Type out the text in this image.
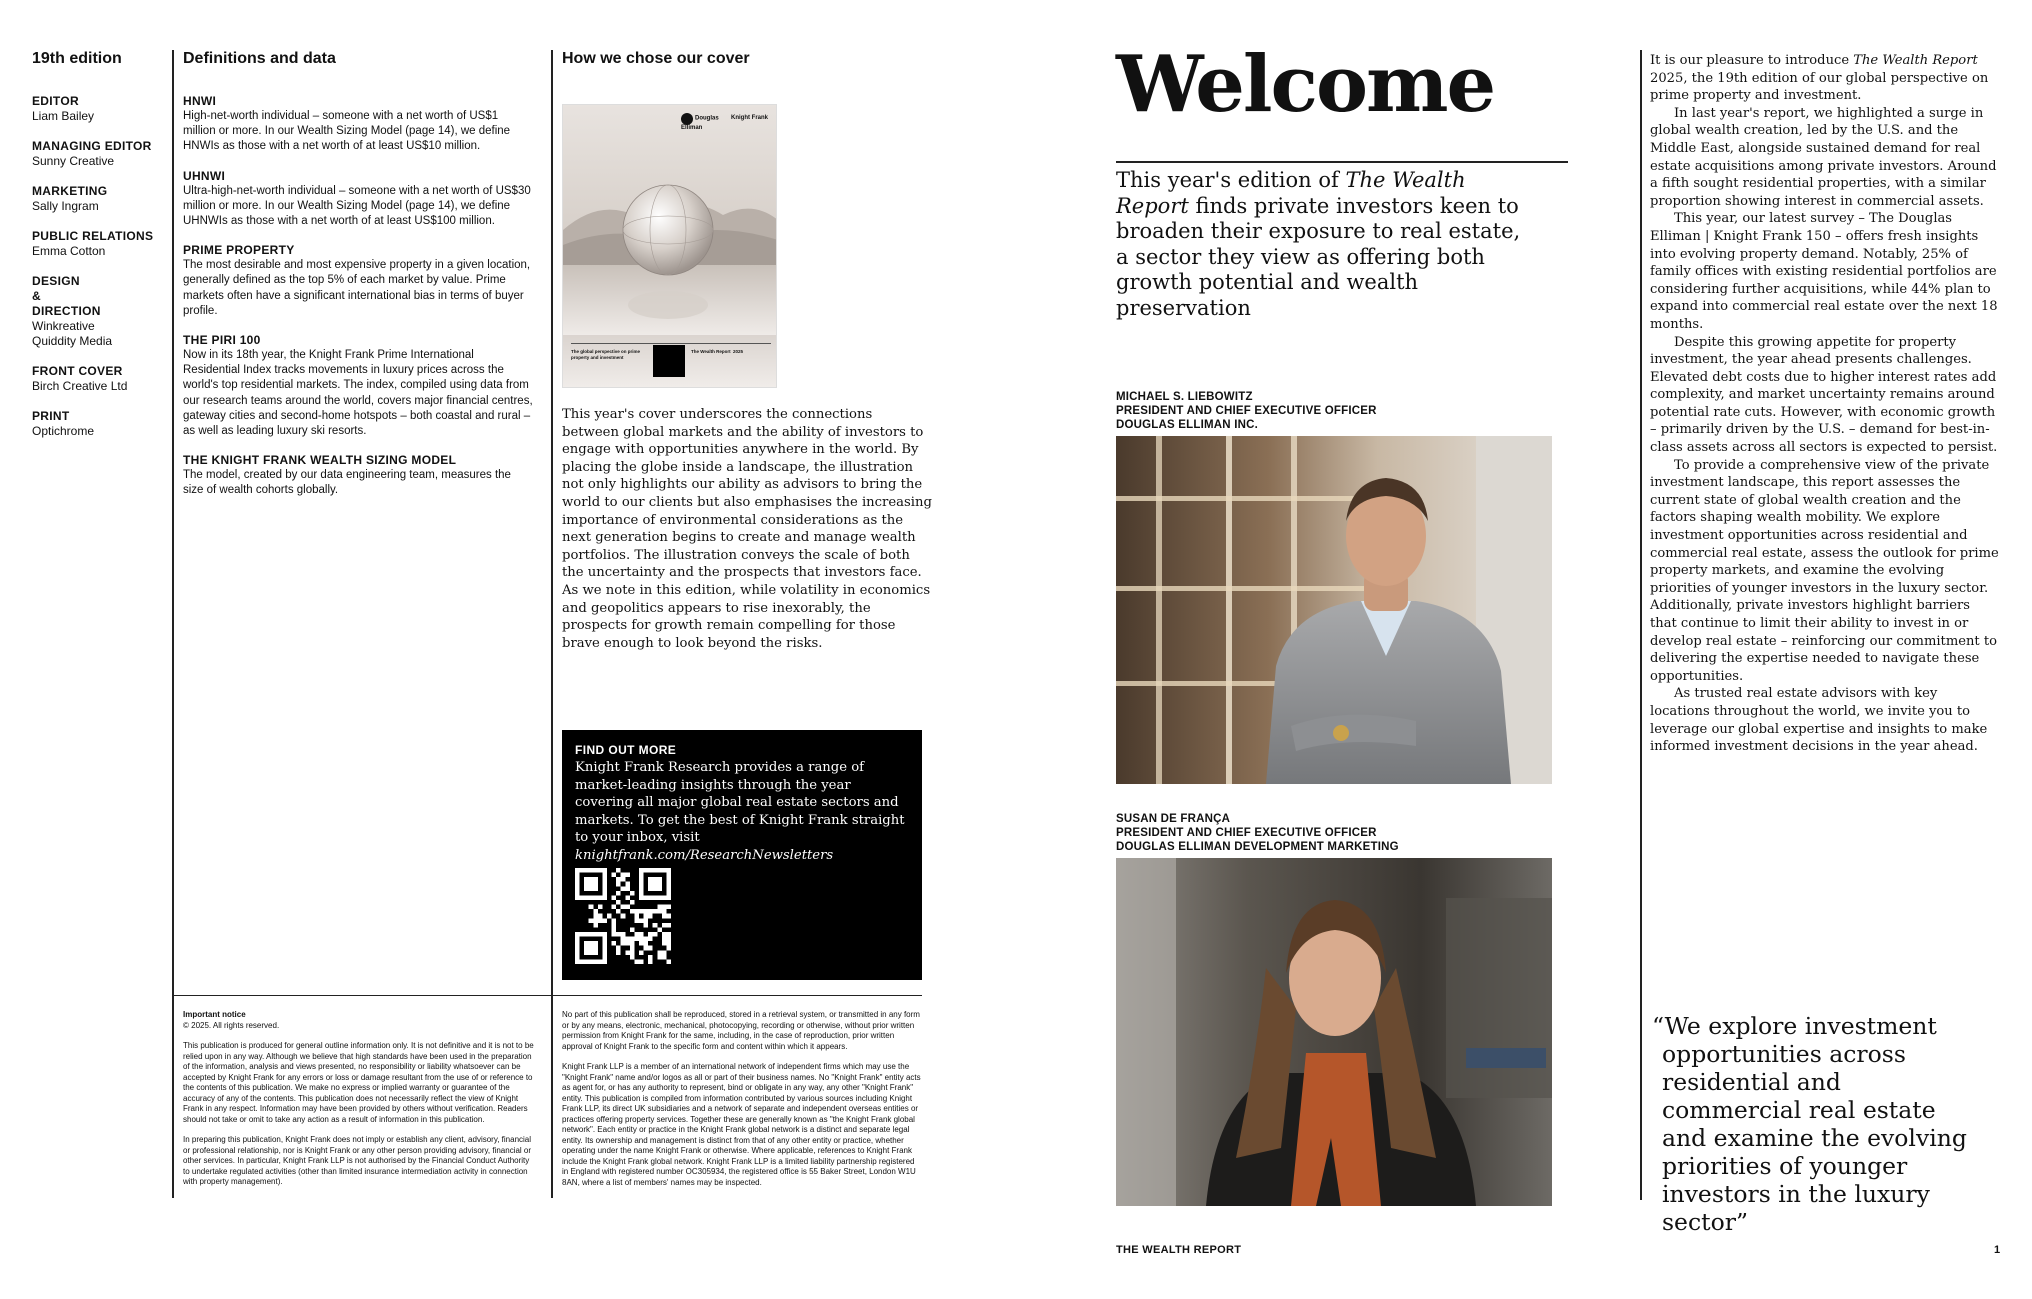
19th edition
EDITOR
Liam Bailey
MANAGING EDITOR
Sunny Creative
MARKETING
Sally Ingram
PUBLIC RELATIONS
Emma Cotton
DESIGN & DIRECTION
Winkreative Quiddity Media
FRONT COVER
Birch Creative Ltd
PRINT
Optichrome
Definitions and data
HNWI
High-net-worth individual – someone with a net worth of US$1 million or more. In our Wealth Sizing Model (page 14), we define HNWIs as those with a net worth of at least US$10 million.
UHNWI
Ultra-high-net-worth individual – someone with a net worth of US$30 million or more. In our Wealth Sizing Model (page 14), we define UHNWIs as those with a net worth of at least US$100 million.
PRIME PROPERTY
The most desirable and most expensive property in a given location, generally defined as the top 5% of each market by value. Prime markets often have a significant international bias in terms of buyer profile.
THE PIRI 100
Now in its 18th year, the Knight Frank Prime International Residential Index tracks movements in luxury prices across the world's top residential markets. The index, compiled using data from our research teams around the world, covers major financial centres, gateway cities and second-home hotspots – both coastal and rural – as well as leading luxury ski resorts.
THE KNIGHT FRANK WEALTH SIZING MODEL
The model, created by our data engineering team, measures the size of wealth cohorts globally.
How we chose our cover
Douglas Elliman
Knight Frank
The global perspective on prime property and investment
The Wealth Report 2025
This year's cover underscores the connections between global markets and the ability of investors to engage with opportunities anywhere in the world. By placing the globe inside a landscape, the illustration not only highlights our ability as advisors to bring the world to our clients but also emphasises the increasing importance of environmental considerations as the next generation begins to create and manage wealth portfolios. The illustration conveys the scale of both the uncertainty and the prospects that investors face. As we note in this edition, while volatility in economics and geopolitics appears to rise inexorably, the prospects for growth remain compelling for those brave enough to look beyond the risks.
FIND OUT MORE
Knight Frank Research provides a range of market-leading insights through the year covering all major global real estate sectors and markets. To get the best of Knight Frank straight to your inbox, visit knightfrank.com/ResearchNewsletters
Important notice
© 2025. All rights reserved.
This publication is produced for general outline information only. It is not definitive and it is not to be relied upon in any way. Although we believe that high standards have been used in the preparation of the information, analysis and views presented, no responsibility or liability whatsoever can be accepted by Knight Frank for any errors or loss or damage resultant from the use of or reference to the contents of this publication. We make no express or implied warranty or guarantee of the accuracy of any of the contents. This publication does not necessarily reflect the view of Knight Frank in any respect. Information may have been provided by others without verification. Readers should not take or omit to take any action as a result of information in this publication.
In preparing this publication, Knight Frank does not imply or establish any client, advisory, financial or professional relationship, nor is Knight Frank or any other person providing advisory, financial or other services. In particular, Knight Frank LLP is not authorised by the Financial Conduct Authority to undertake regulated activities (other than limited insurance intermediation activity in connection with property management).
No part of this publication shall be reproduced, stored in a retrieval system, or transmitted in any form or by any means, electronic, mechanical, photocopying, recording or otherwise, without prior written permission from Knight Frank for the same, including, in the case of reproduction, prior written approval of Knight Frank to the specific form and content within which it appears.
Knight Frank LLP is a member of an international network of independent firms which may use the "Knight Frank" name and/or logos as all or part of their business names. No "Knight Frank" entity acts as agent for, or has any authority to represent, bind or obligate in any way, any other "Knight Frank" entity. This publication is compiled from information contributed by various sources including Knight Frank LLP, its direct UK subsidiaries and a network of separate and independent overseas entities or practices offering property services. Together these are generally known as "the Knight Frank global network". Each entity or practice in the Knight Frank global network is a distinct and separate legal entity. Its ownership and management is distinct from that of any other entity or practice, whether operating under the name Knight Frank or otherwise. Where applicable, references to Knight Frank include the Knight Frank global network. Knight Frank LLP is a limited liability partnership registered in England with registered number OC305934, the registered office is 55 Baker Street, London W1U 8AN, where a list of members' names may be inspected.
Welcome
This year's edition of The Wealth Report finds private investors keen to broaden their exposure to real estate, a sector they view as offering both growth potential and wealth preservation
MICHAEL S. LIEBOWITZ
PRESIDENT AND CHIEF EXECUTIVE OFFICER
DOUGLAS ELLIMAN INC.
SUSAN DE FRANÇA
PRESIDENT AND CHIEF EXECUTIVE OFFICER
DOUGLAS ELLIMAN DEVELOPMENT MARKETING

It is our pleasure to introduce The Wealth Report 2025, the 19th edition of our global perspective on prime property and investment.

In last year's report, we highlighted a surge in global wealth creation, led by the U.S. and the Middle East, alongside sustained demand for real estate acquisitions among private investors. Around a fifth sought residential properties, with a similar proportion showing interest in commercial assets.

This year, our latest survey – The Douglas Elliman | Knight Frank 150 – offers fresh insights into evolving property demand. Notably, 25% of family offices with existing residential portfolios are considering further acquisitions, while 44% plan to expand into commercial real estate over the next 18 months.

Despite this growing appetite for property investment, the year ahead presents challenges. Elevated debt costs due to higher interest rates add complexity, and market uncertainty remains around potential rate cuts. However, with economic growth – primarily driven by the U.S. – demand for best-in-class assets across all sectors is expected to persist.

To provide a comprehensive view of the private investment landscape, this report assesses the current state of global wealth creation and the factors shaping wealth mobility. We explore investment opportunities across residential and commercial real estate, assess the outlook for prime property markets, and examine the evolving priorities of younger investors in the luxury sector. Additionally, private investors highlight barriers that continue to limit their ability to invest in or develop real estate – reinforcing our commitment to delivering the expertise needed to navigate these opportunities.

As trusted real estate advisors with key locations throughout the world, we invite you to leverage our global expertise and insights to make informed investment decisions in the year ahead.

“We explore investment opportunities across residential and commercial real estate and examine the evolving priorities of younger investors in the luxury sector”
THE WEALTH REPORT	1
